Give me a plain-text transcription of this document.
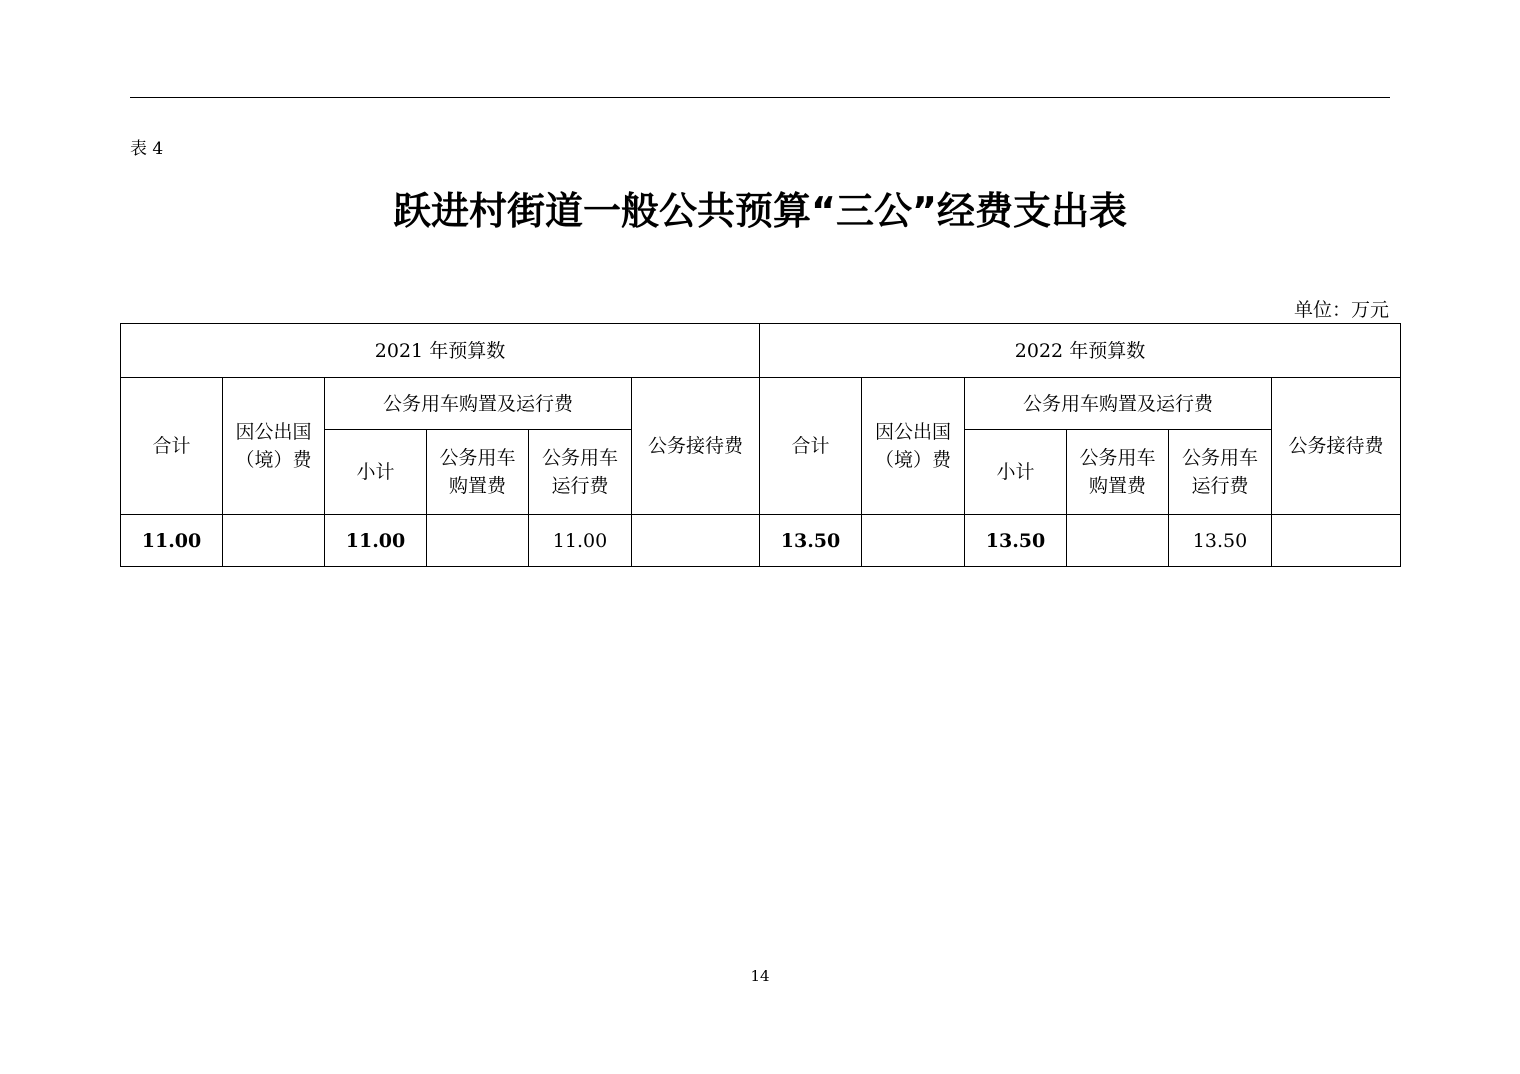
表 4
跃进村街道一般公共预算“三公”经费支出表
单位：万元
2021 年预算数						2022 年预算数					
合计	因公出国（境）费	公务用车购置及运行费			公务接待费	合计	因公出国（境）费	公务用车购置及运行费			公务接待费
		小计	公务用车购置费	公务用车运行费				小计	公务用车购置费	公务用车运行费	
11.00		11.00		11.00		13.50		13.50		13.50	
14
